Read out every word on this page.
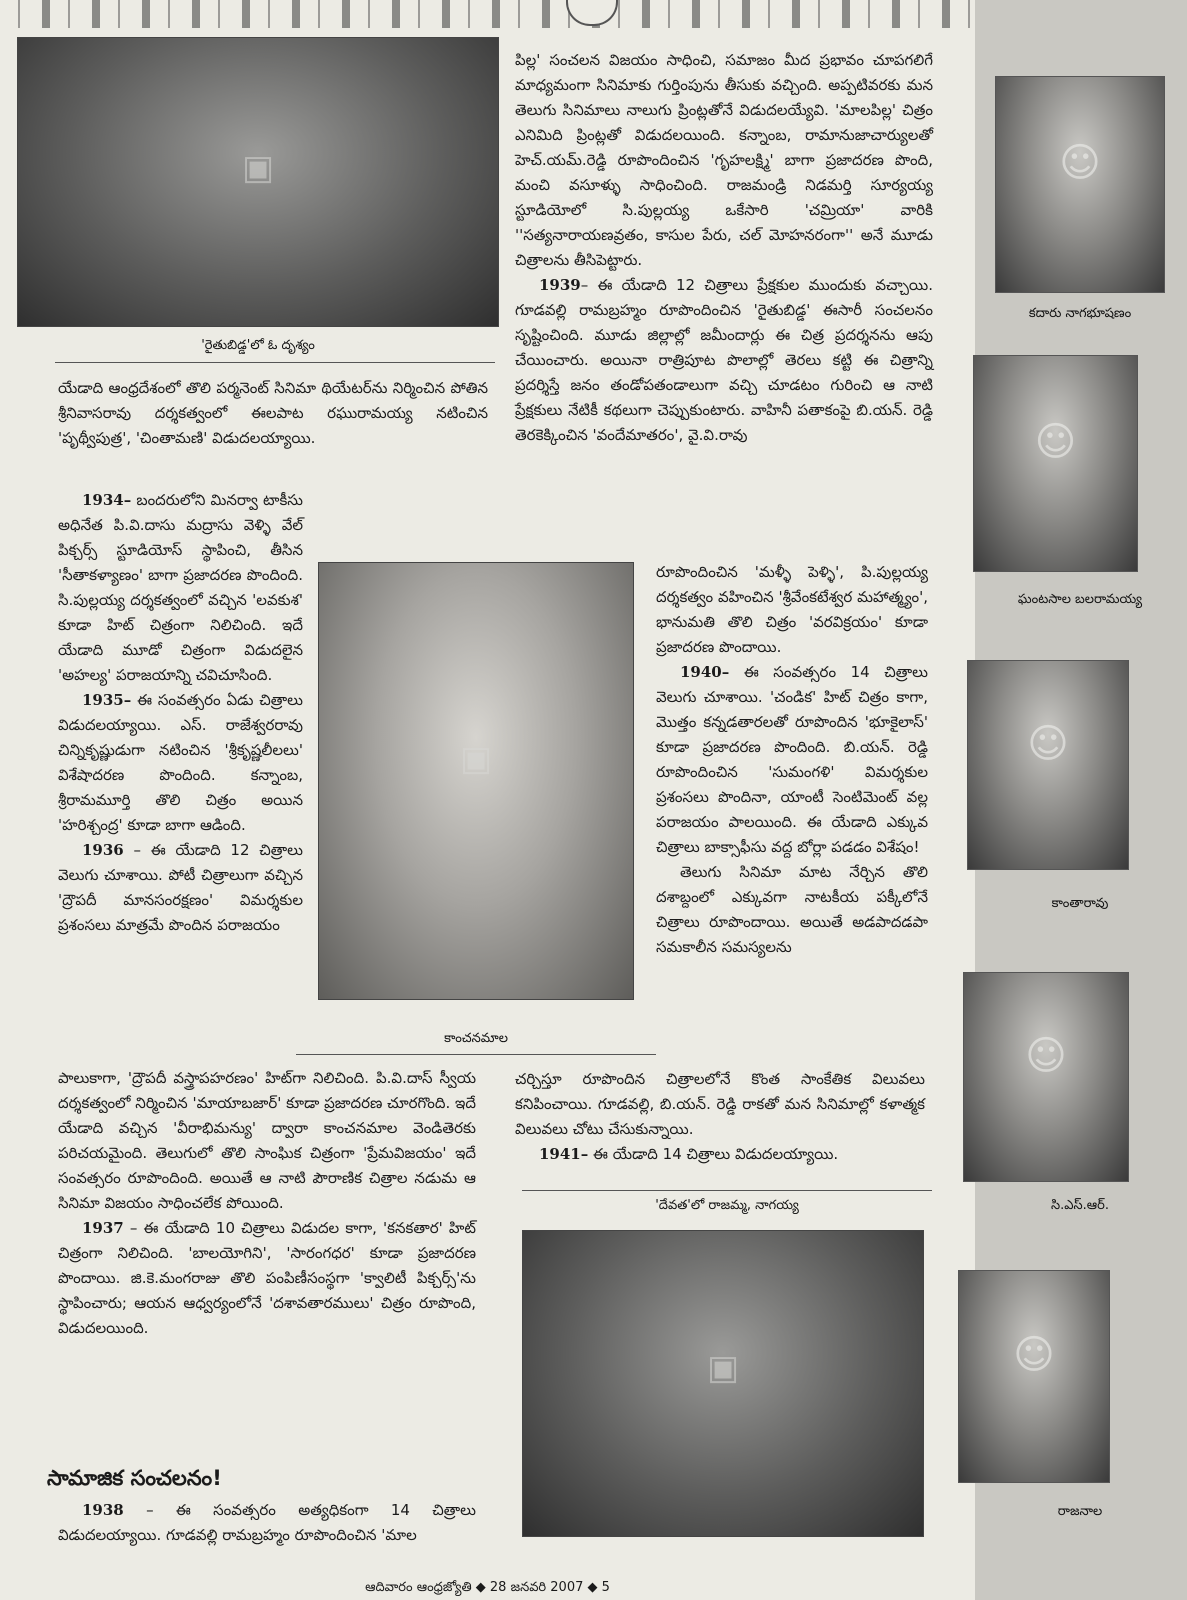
▣
'రైతుబిడ్డ'లో ఓ దృశ్యం
▣
కాంచనమాల
'దేవత'లో రాజమ్మ, నాగయ్య
▣
☺
కదారు నాగభూషణం
☺
ఘంటసాల బలరామయ్య
☺
కాంతారావు
☺
సి.ఎస్.ఆర్.
☺
రాజనాల

యేడాది ఆంధ్రదేశంలో తొలి పర్మనెంట్ సినిమా థియేటర్‌ను నిర్మించిన పోతిన శ్రీనివాసరావు దర్శకత్వంలో ఈలపాట రఘురామయ్య నటించిన 'పృథ్వీపుత్ర', 'చింతామణి' విడుదలయ్యాయి.

1934– బందరులోని మినర్వా టాకీసు అధినేత పి.వి.దాసు మద్రాసు వెళ్ళి వేల్ పిక్చర్స్ స్టూడియోస్ స్థాపించి, తీసిన 'సీతాకళ్యాణం' బాగా ప్రజాదరణ పొందింది. సి.పుల్లయ్య దర్శకత్వంలో వచ్చిన 'లవకుశ' కూడా హిట్ చిత్రంగా నిలిచింది. ఇదే యేడాది మూడో చిత్రంగా విడుదలైన 'అహల్య' పరాజయాన్ని చవిచూసింది.

1935– ఈ సంవత్సరం ఏడు చిత్రాలు విడుదలయ్యాయి. ఎస్. రాజేశ్వరరావు చిన్నికృష్ణుడుగా నటించిన 'శ్రీకృష్ణలీలలు' విశేషాదరణ పొందింది. కన్నాంబ, శ్రీరామమూర్తి తొలి చిత్రం అయిన 'హరిశ్చంద్ర' కూడా బాగా ఆడింది.

1936 – ఈ యేడాది 12 చిత్రాలు వెలుగు చూశాయి. పోటీ చిత్రాలుగా వచ్చిన 'ద్రౌపదీ మానసంరక్షణం' విమర్శకుల ప్రశంసలు మాత్రమే పొందిన పరాజయం

పాలుకాగా, 'ద్రౌపదీ వస్త్రాపహరణం' హిట్‌గా నిలిచింది. పి.వి.దాస్ స్వీయ దర్శకత్వంలో నిర్మించిన 'మాయాబజార్' కూడా ప్రజాదరణ చూరగొంది. ఇదే యేడాది వచ్చిన 'వీరాభిమన్యు' ద్వారా కాంచనమాల వెండితెరకు పరిచయమైంది. తెలుగులో తొలి సాంఘిక చిత్రంగా 'ప్రేమవిజయం' ఇదే సంవత్సరం రూపొందింది. అయితే ఆ నాటి పౌరాణిక చిత్రాల నడుమ ఆ సినిమా విజయం సాధించలేక పోయింది.

1937 – ఈ యేడాది 10 చిత్రాలు విడుదల కాగా, 'కనకతార' హిట్ చిత్రంగా నిలిచింది. 'బాలయోగిని', 'సారంగధర' కూడా ప్రజాదరణ పొందాయి. జి.కె.మంగరాజు తొలి పంపిణీసంస్థగా 'క్వాలిటీ పిక్చర్స్'ను స్థాపించారు; ఆయన ఆధ్వర్యంలోనే 'దశావతారములు' చిత్రం రూపొంది, విడుదలయింది.

సామాజిక సంచలనం!

1938 – ఈ సంవత్సరం అత్యధికంగా 14 చిత్రాలు విడుదలయ్యాయి. గూడవల్లి రామబ్రహ్మం రూపొందించిన 'మాల

పిల్ల' సంచలన విజయం సాధించి, సమాజం మీద ప్రభావం చూపగలిగే మాధ్యమంగా సినిమాకు గుర్తింపును తీసుకు వచ్చింది. అప్పటివరకు మన తెలుగు సినిమాలు నాలుగు ప్రింట్లతోనే విడుదలయ్యేవి. 'మాలపిల్ల' చిత్రం ఎనిమిది ప్రింట్లతో విడుదలయింది. కన్నాంబ, రామానుజాచార్యులతో హెచ్.యమ్.రెడ్డి రూపొందించిన 'గృహలక్ష్మి' బాగా ప్రజాదరణ పొంది, మంచి వసూళ్ళు సాధించింది. రాజమండ్రి నిడమర్తి సూర్యయ్య స్టూడియోలో సి.పుల్లయ్య ఒకేసారి 'చమ్రియా' వారికి ''సత్యనారాయణవ్రతం, కాసుల పేరు, చల్ మోహనరంగా'' అనే మూడు చిత్రాలను తీసిపెట్టారు.

1939– ఈ యేడాది 12 చిత్రాలు ప్రేక్షకుల ముందుకు వచ్చాయి. గూడవల్లి రామబ్రహ్మం రూపొందించిన 'రైతుబిడ్డ' ఈసారీ సంచలనం సృష్టించింది. మూడు జిల్లాల్లో జమీందార్లు ఈ చిత్ర ప్రదర్శనను ఆపు చేయించారు. అయినా రాత్రిపూట పొలాల్లో తెరలు కట్టి ఈ చిత్రాన్ని ప్రదర్శిస్తే జనం తండోపతండాలుగా వచ్చి చూడటం గురించి ఆ నాటి ప్రేక్షకులు నేటికీ కథలుగా చెప్పుకుంటారు. వాహినీ పతాకంపై బి.యన్. రెడ్డి తెరకెక్కించిన 'వందేమాతరం', వై.వి.రావు

రూపొందించిన 'మళ్ళీ పెళ్ళి', పి.పుల్లయ్య దర్శకత్వం వహించిన 'శ్రీవేంకటేశ్వర మహాత్మ్యం', భానుమతి తొలి చిత్రం 'వరవిక్రయం' కూడా ప్రజాదరణ పొందాయి.

1940– ఈ సంవత్సరం 14 చిత్రాలు వెలుగు చూశాయి. 'చండిక' హిట్ చిత్రం కాగా, మొత్తం కన్నడతారలతో రూపొందిన 'భూకైలాస్' కూడా ప్రజాదరణ పొందింది. బి.యన్. రెడ్డి రూపొందించిన 'సుమంగళి' విమర్శకుల ప్రశంసలు పొందినా, యాంటీ సెంటిమెంట్ వల్ల పరాజయం పాలయింది. ఈ యేడాది ఎక్కువ చిత్రాలు బాక్సాఫీసు వద్ద బోర్లా పడడం విశేషం!

తెలుగు సినిమా మాట నేర్చిన తొలి దశాబ్దంలో ఎక్కువగా నాటకీయ పక్కీలోనే చిత్రాలు రూపొందాయి. అయితే అడపాదడపా సమకాలీన సమస్యలను

చర్చిస్తూ రూపొందిన చిత్రాలలోనే కొంత సాంకేతిక విలువలు కనిపించాయి. గూడవల్లి, బి.యన్. రెడ్డి రాకతో మన సినిమాల్లో కళాత్మక విలువలు చోటు చేసుకున్నాయి.

1941– ఈ యేడాది 14 చిత్రాలు విడుదలయ్యాయి.

ఆదివారం ఆంధ్రజ్యోతి ◆ 28 జనవరి 2007 ◆ 5
